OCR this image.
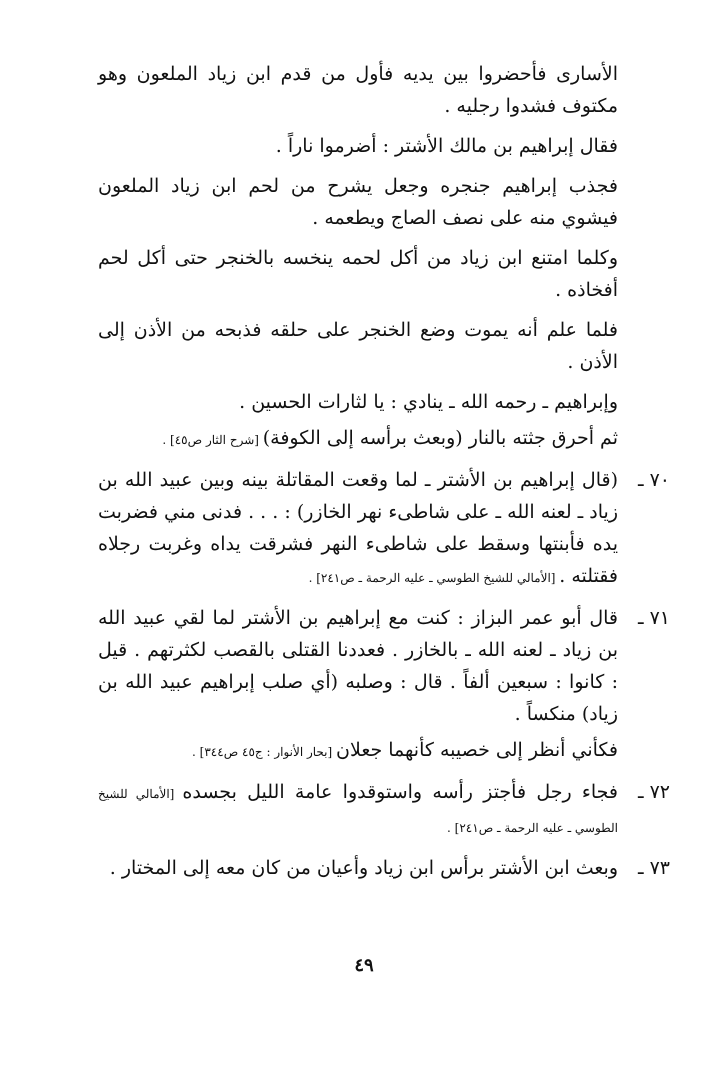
الأسارى فأحضروا بين يديه فأول من قدم ابن زياد الملعون وهو مكتوف فشدوا رجليه .

فقال إبراهيم بن مالك الأشتر : أضرموا ناراً .

فجذب إبراهيم جنجره وجعل يشرح من لحم ابن زياد الملعون فيشوي منه على نصف الصاج ويطعمه .

وكلما امتنع ابن زياد من أكل لحمه ينخسه بالخنجر حتى أكل لحم أفخاذه .

فلما علم أنه يموت وضع الخنجر على حلقه فذبحه من الأذن إلى الأذن .

وإبراهيم ـ رحمه الله ـ ينادي : يا لثارات الحسين .

ثم أحرق جثته بالنار (وبعث برأسه إلى الكوفة) [شرح الثار ص٤٥] .

٧٠ ـ
(قال إبراهيم بن الأشتر ـ لما وقعت المقاتلة بينه وبين عبيد الله بن زياد ـ لعنه الله ـ على شاطىء نهر الخازر) : . . . فدنى مني فضربت يده فأبنتها وسقط على شاطىء النهر فشرقت يداه وغربت رجلاه فقتلته . [الأمالي للشيخ الطوسي ـ عليه الرحمة ـ ص٢٤١] .
٧١ ـ
قال أبو عمر البزاز : كنت مع إبراهيم بن الأشتر لما لقي عبيد الله بن زياد ـ لعنه الله ـ بالخازر . فعددنا القتلى بالقصب لكثرتهم . قيل : كانوا : سبعين ألفاً . قال : وصلبه (أي صلب إبراهيم عبيد الله بن زياد) منكساً .

فكأني أنظر إلى خصيبه كأنهما جعلان [بحار الأنوار : ج٤٥ ص٣٤٤] .

٧٢ ـ
فجاء رجل فأجتز رأسه واستوقدوا عامة الليل بجسده [الأمالي للشيخ الطوسي ـ عليه الرحمة ـ ص٢٤١] .
٧٣ ـ
وبعث ابن الأشتر برأس ابن زياد وأعيان من كان معه إلى المختار .
٤٩
